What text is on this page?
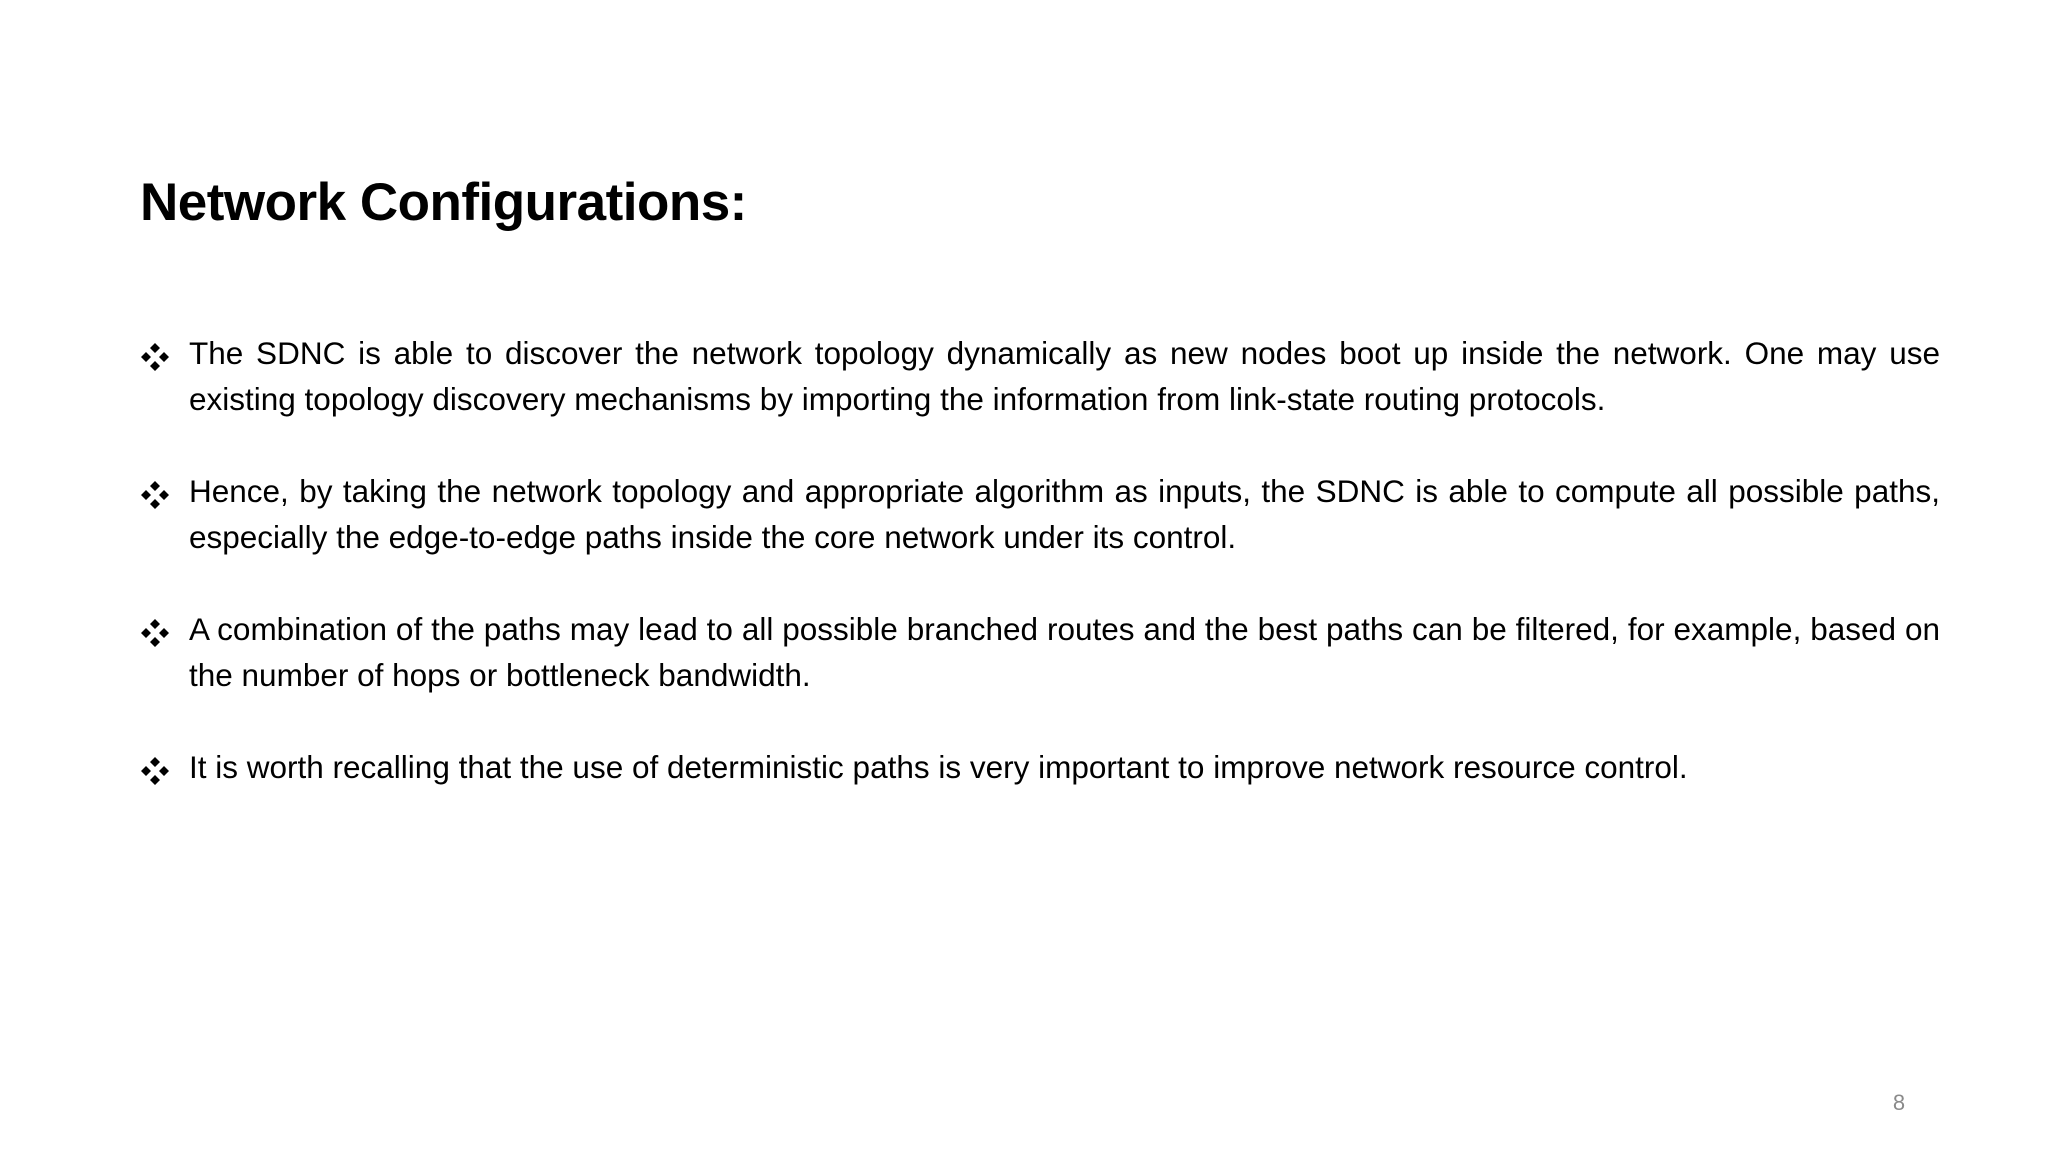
Network Configurations:
The SDNC is able to discover the network topology dynamically as new nodes boot up inside the network. One may use existing topology discovery mechanisms by importing the information from link-state routing protocols.
Hence, by taking the network topology and appropriate algorithm as inputs, the SDNC is able to compute all possible paths, especially the edge-to-edge paths inside the core network under its control.
A combination of the paths may lead to all possible branched routes and the best paths can be filtered, for example, based on the number of hops or bottleneck bandwidth.
It is worth recalling that the use of deterministic paths is very important to improve network resource control.
8
